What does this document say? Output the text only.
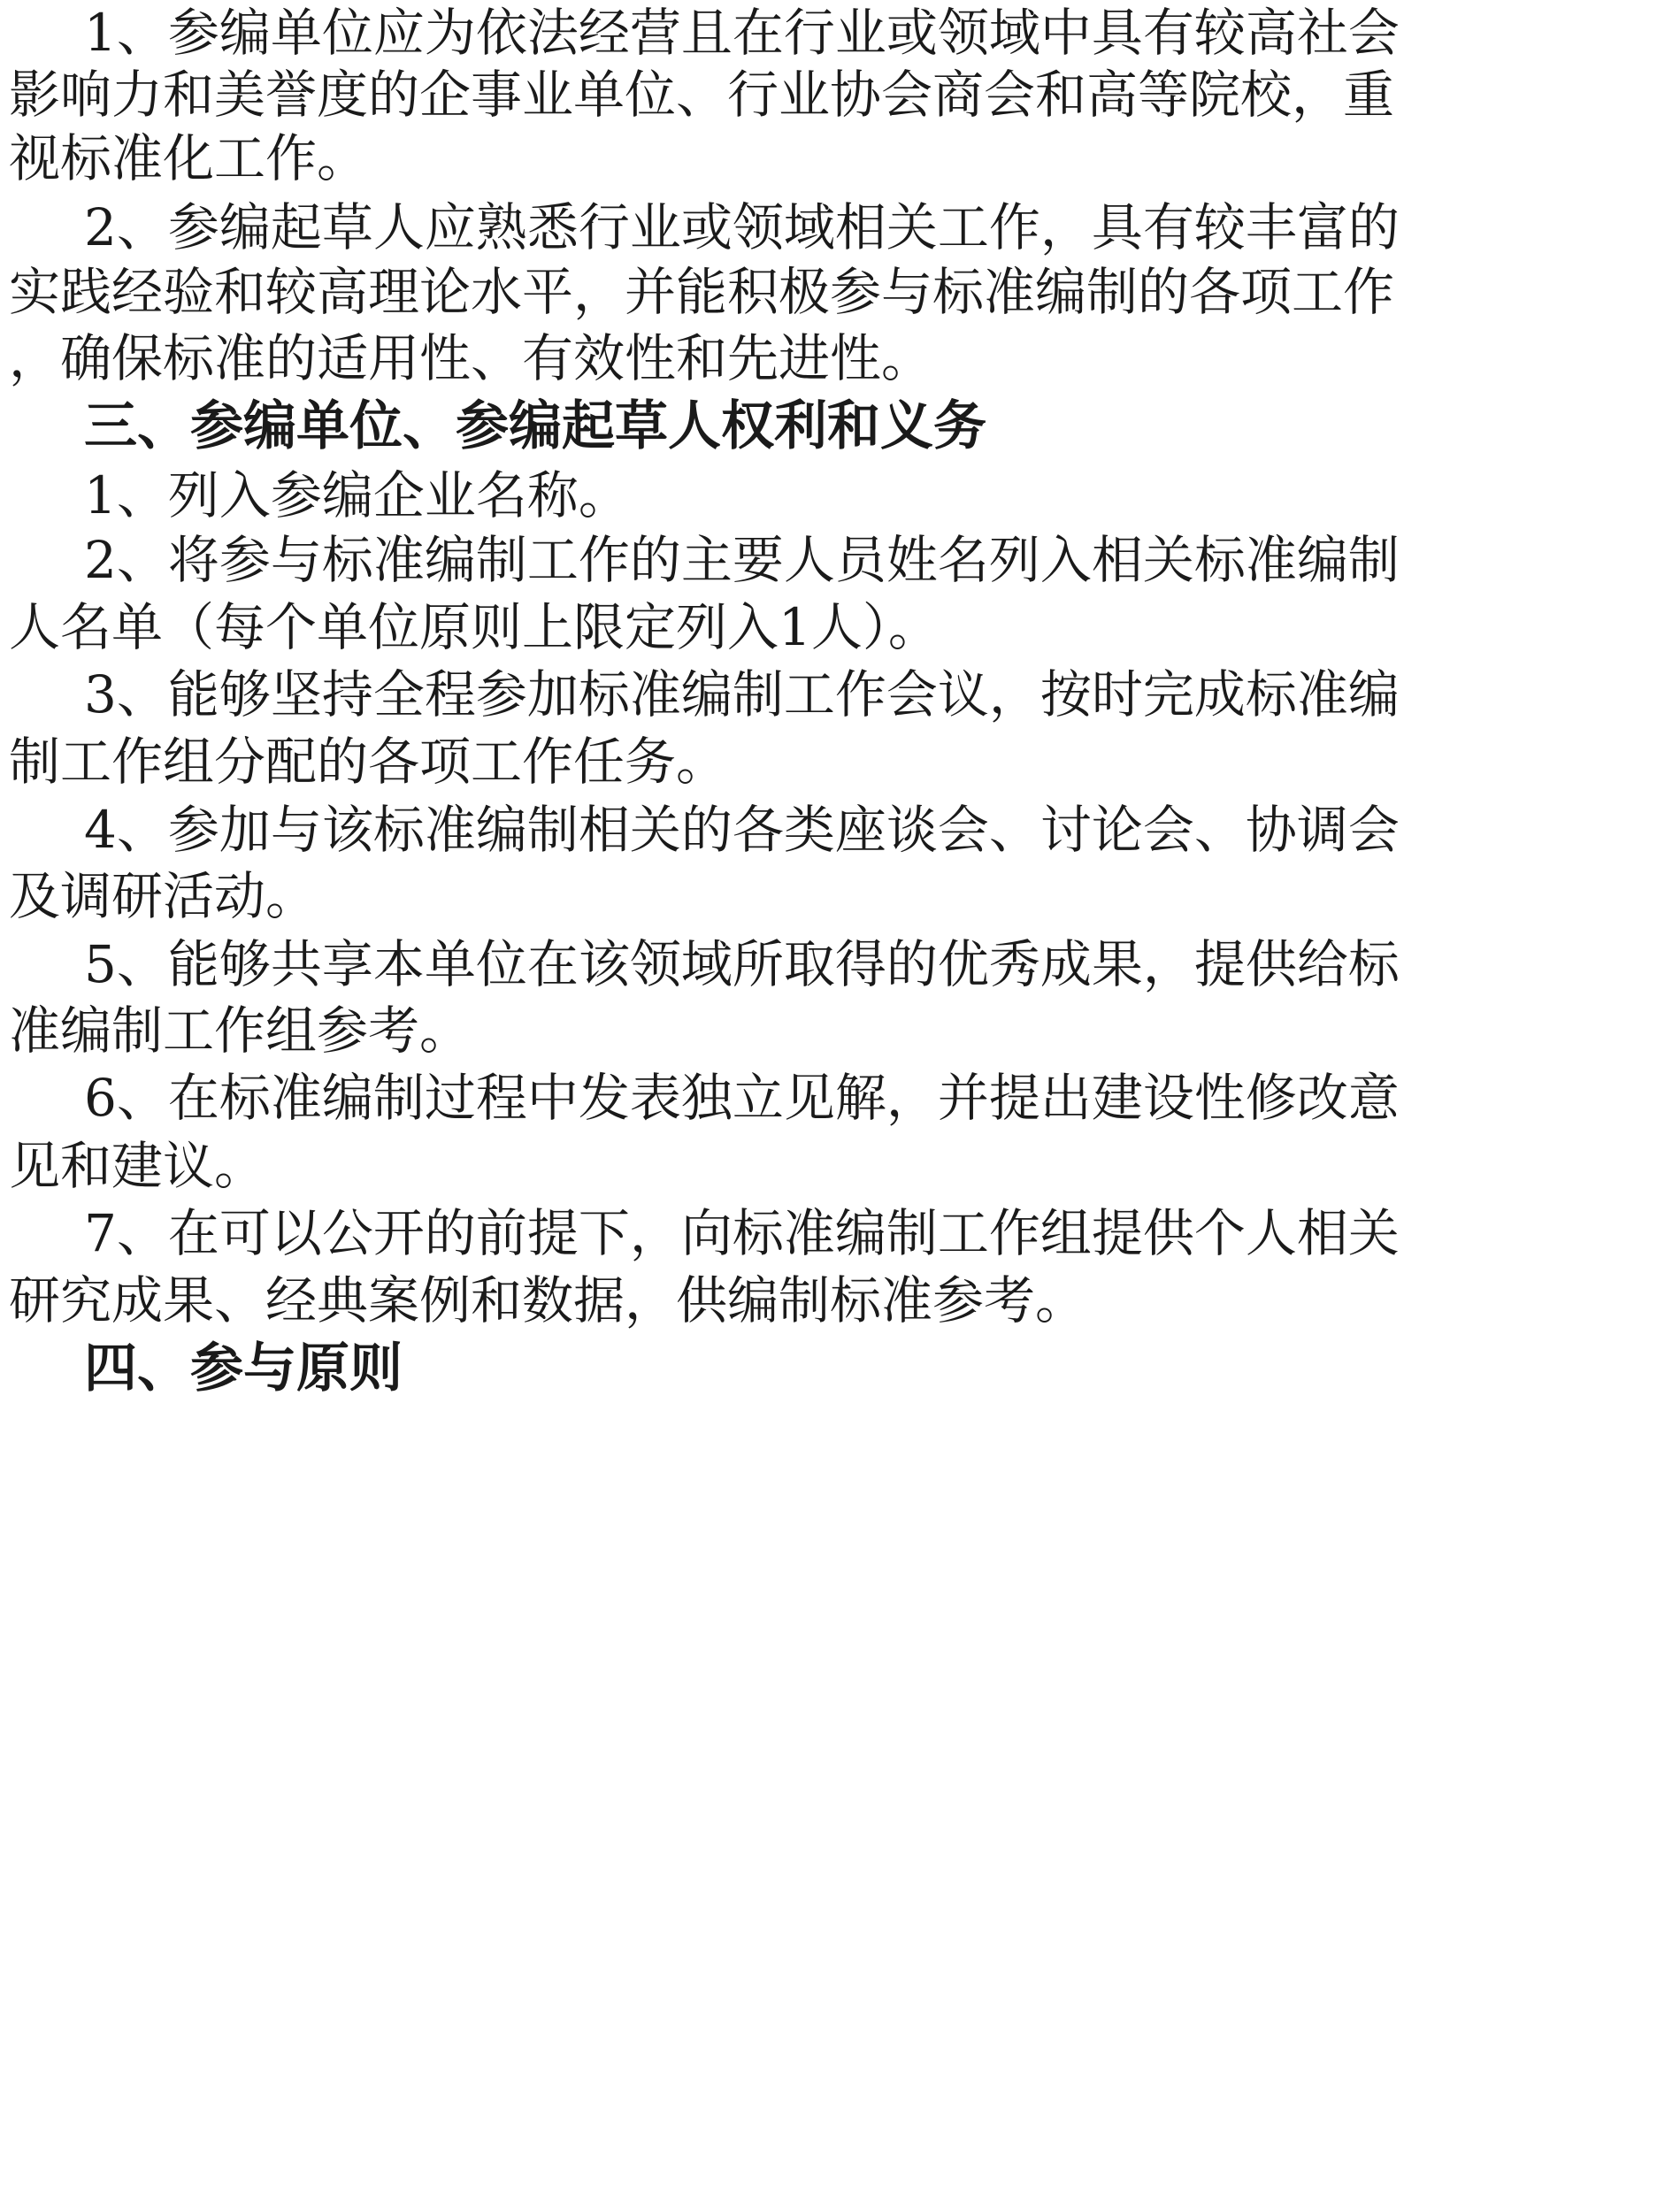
1、参编单位应为依法经营且在行业或领域中具有较高社会
影响力和美誉度的企事业单位、行业协会商会和高等院校，重
视标准化工作。
2、参编起草人应熟悉行业或领域相关工作，具有较丰富的
实践经验和较高理论水平，并能积极参与标准编制的各项工作
，确保标准的适用性、有效性和先进性。
三、参编单位、参编起草人权利和义务
1、列入参编企业名称。
2、将参与标准编制工作的主要人员姓名列入相关标准编制
人名单（每个单位原则上限定列入1人）。
3、能够坚持全程参加标准编制工作会议，按时完成标准编
制工作组分配的各项工作任务。
4、参加与该标准编制相关的各类座谈会、讨论会、协调会
及调研活动。
5、能够共享本单位在该领域所取得的优秀成果，提供给标
准编制工作组参考。
6、在标准编制过程中发表独立见解，并提出建设性修改意
见和建议。
7、在可以公开的前提下，向标准编制工作组提供个人相关
研究成果、经典案例和数据，供编制标准参考。
四、参与原则
